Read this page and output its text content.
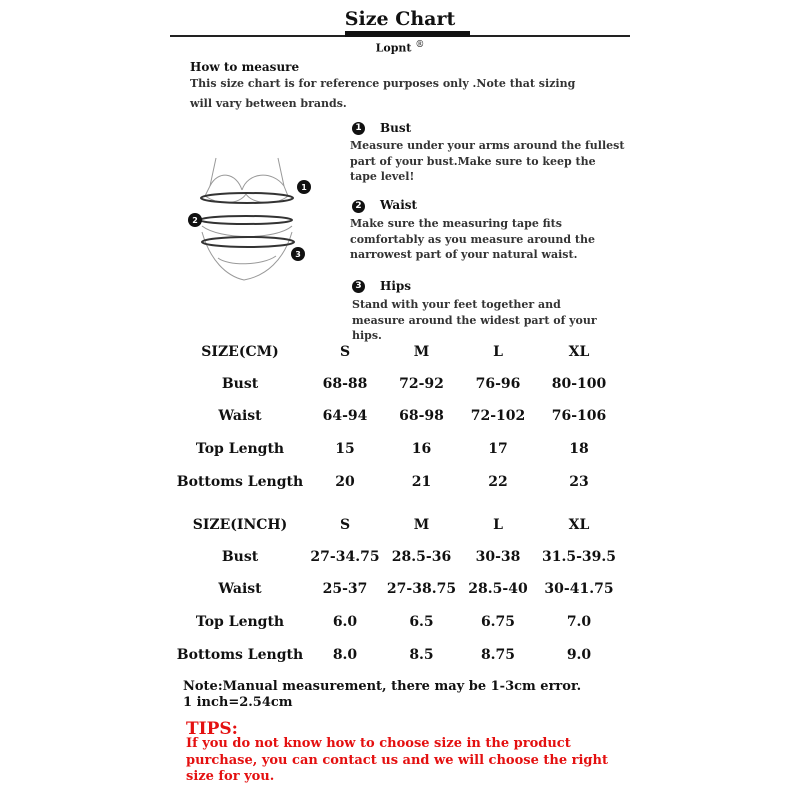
Size Chart
Lopnt ®
How to measure
This size chart is for reference purposes only .Note that sizing will vary between brands.
1
2
3
1 Bust
Measure under your arms around the fullest part of your bust.Make sure to keep the tape level!
2 Waist
Make sure the measuring tape fits comfortably as you measure around the narrowest part of your natural waist.
3 Hips
Stand with your feet together and measure around the widest part of your hips.
SIZE(CM)	S	M	L	XL
Bust	68-88	72-92	76-96	80-100
Waist	64-94	68-98	72-102	76-106
Top Length	15	16	17	18
Bottoms Length	20	21	22	23
SIZE(INCH)	S	M	L	XL
Bust	27-34.75	28.5-36	30-38	31.5-39.5
Waist	25-37	27-38.75	28.5-40	30-41.75
Top Length	6.0	6.5	6.75	7.0
Bottoms Length	8.0	8.5	8.75	9.0
Note:Manual measurement, there may be 1-3cm error.
1 inch=2.54cm
TIPS:
If you do not know how to choose size in the product purchase, you can contact us and we will choose the right size for you.
